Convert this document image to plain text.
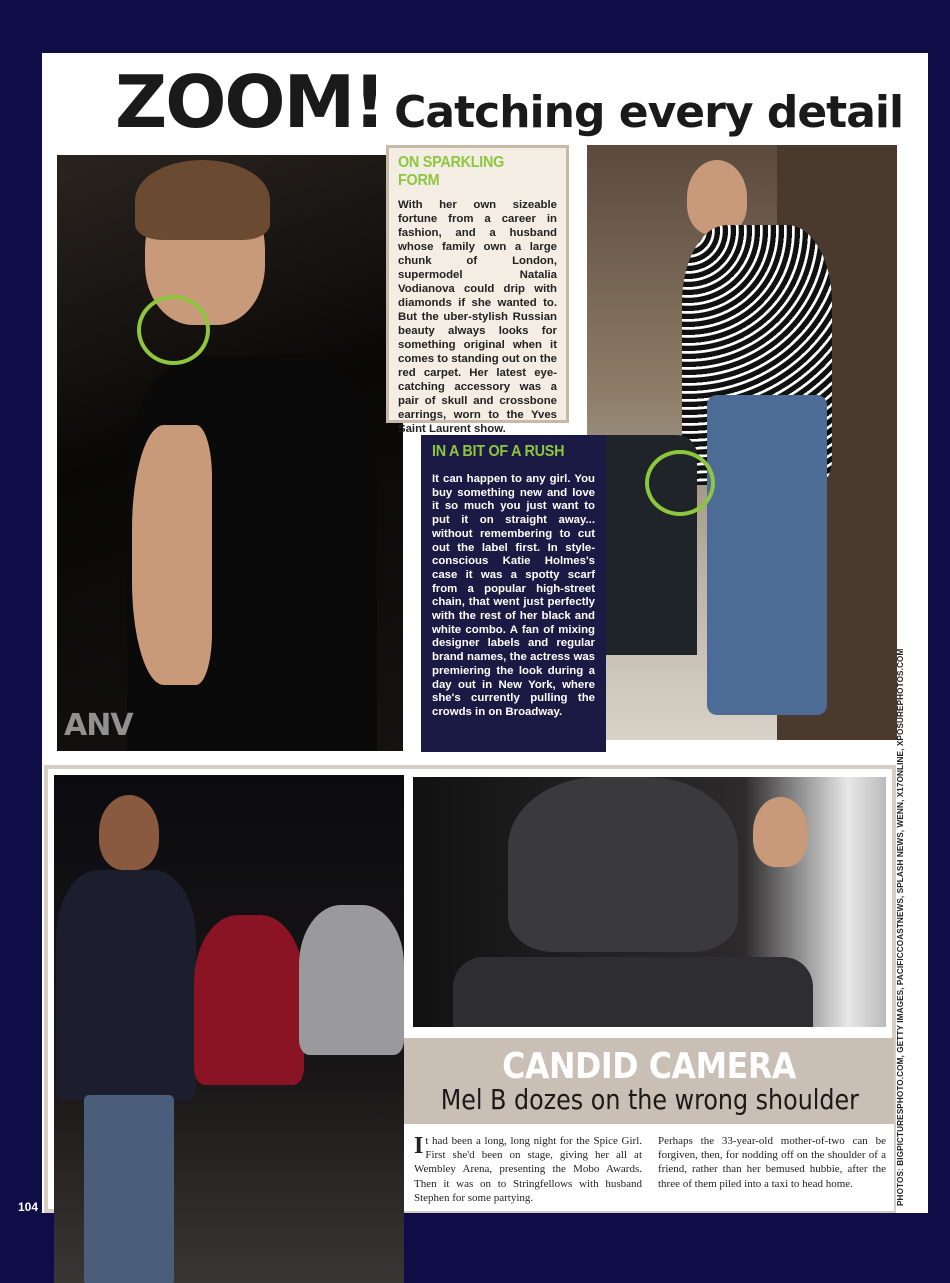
ZOOM! Catching every detail
ANV
ON SPARKLING FORM
With her own sizeable fortune from a career in fashion, and a husband whose family own a large chunk of London, supermodel Natalia Vodianova could drip with diamonds if she wanted to. But the uber-stylish Russian beauty always looks for something original when it comes to standing out on the red carpet. Her latest eye-catching accessory was a pair of skull and crossbone earrings, worn to the Yves Saint Laurent show.
IN A BIT OF A RUSH
It can happen to any girl. You buy something new and love it so much you just want to put it on straight away... without remembering to cut out the label first. In style-conscious Katie Holmes's case it was a spotty scarf from a popular high-street chain, that went just perfectly with the rest of her black and white combo. A fan of mixing designer labels and regular brand names, the actress was premiering the look during a day out in New York, where she's currently pulling the crowds in on Broadway.
CANDID CAMERA
Mel B dozes on the wrong shoulder
It had been a long, long night for the Spice Girl. First she'd been on stage, giving her all at Wembley Arena, presenting the Mobo Awards. Then it was on to Stringfellows with husband Stephen for some partying.
Perhaps the 33-year-old mother-of-two can be forgiven, then, for nodding off on the shoulder of a friend, rather than her bemused hubbie, after the three of them piled into a taxi to head home.	PHOTOS: BIGPICTURESPHOTO.COM, GETTY IMAGES, PACIFICCOASTNEWS, SPLASH NEWS, WENN, X17ONLINE, XPOSUREPHOTOS.COM
104
